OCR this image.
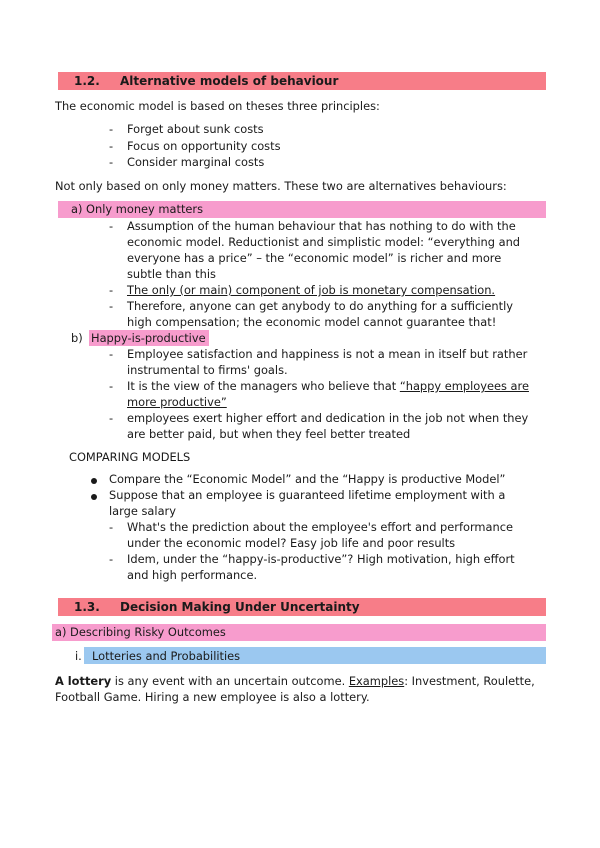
1.2. Alternative models of behaviour
The economic model is based on theses three principles:
-	Forget about sunk costs
-	Focus on opportunity costs
-	Consider marginal costs
Not only based on only money matters. These two are alternatives behaviours:
a) Only money matters
-	Assumption of the human behaviour that has nothing to do with the
economic model. Reductionist and simplistic model: “everything and
everyone has a price” – the “economic model” is richer and more
subtle than this
-	The only (or main) component of job is monetary compensation.
-	Therefore, anyone can get anybody to do anything for a sufficiently
high compensation; the economic model cannot guarantee that!
b) Happy-is-productive
-	Employee satisfaction and happiness is not a mean in itself but rather
instrumental to firms' goals.
-	It is the view of the managers who believe that “happy employees are
more productive”
-	employees exert higher effort and dedication in the job not when they
are better paid, but when they feel better treated
COMPARING MODELS
Compare the “Economic Model” and the “Happy is productive Model”
Suppose that an employee is guaranteed lifetime employment with a
large salary
-	What's the prediction about the employee's effort and performance
under the economic model? Easy job life and poor results
-	Idem, under the “happy-is-productive”? High motivation, high effort
and high performance.
1.3. Decision Making Under Uncertainty
a) Describing Risky Outcomes
i. Lotteries and Probabilities
A lottery is any event with an uncertain outcome. Examples: Investment, Roulette,
Football Game. Hiring a new employee is also a lottery.
